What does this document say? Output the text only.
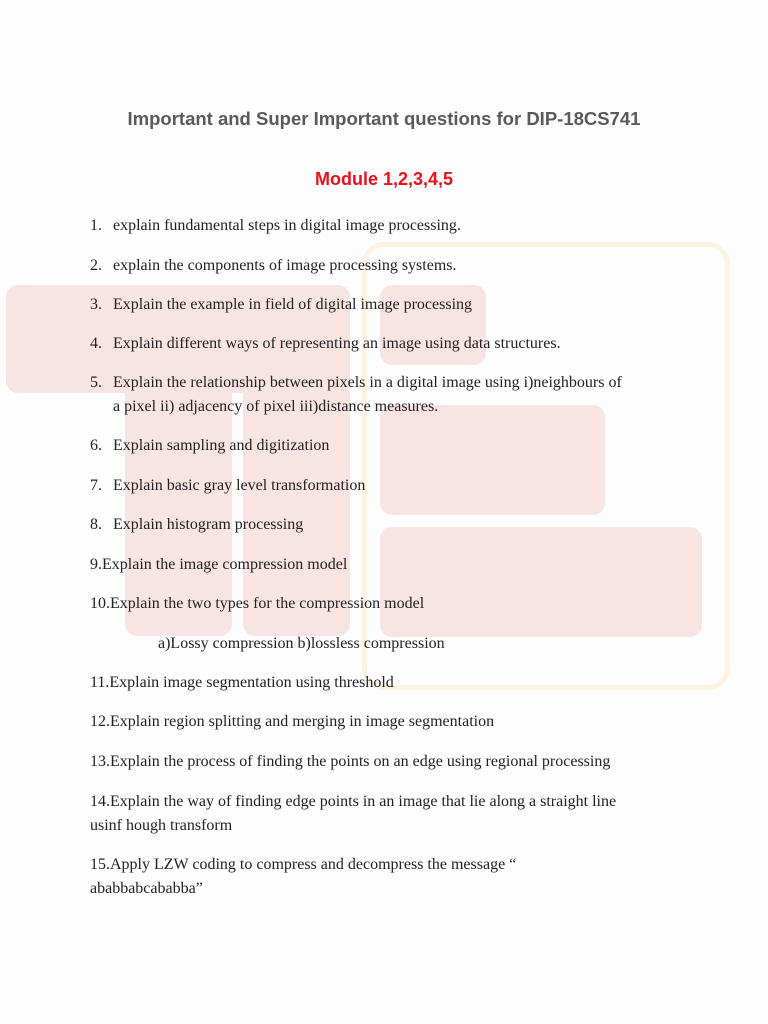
Important and Super Important questions for DIP-18CS741
Module 1,2,3,4,5
1. explain fundamental steps in digital image processing.
2. explain the components of image processing systems.
3. Explain the example in field of digital image processing
4. Explain different ways of representing an image using data structures.
5. Explain the relationship between pixels in a digital image using i)neighbours of
a pixel ii) adjacency of pixel iii)distance measures.
6. Explain sampling and digitization
7. Explain basic gray level transformation
8. Explain histogram processing
9.Explain the image compression model
10.Explain the two types for the compression model
a)Lossy compression b)lossless compression
11.Explain image segmentation using threshold
12.Explain region splitting and merging in image segmentation
13.Explain the process of finding the points on an edge using regional processing
14.Explain the way of finding edge points in an image that lie along a straight line
usinf hough transform
15.Apply LZW coding to compress and decompress the message “
ababbabcababba”
